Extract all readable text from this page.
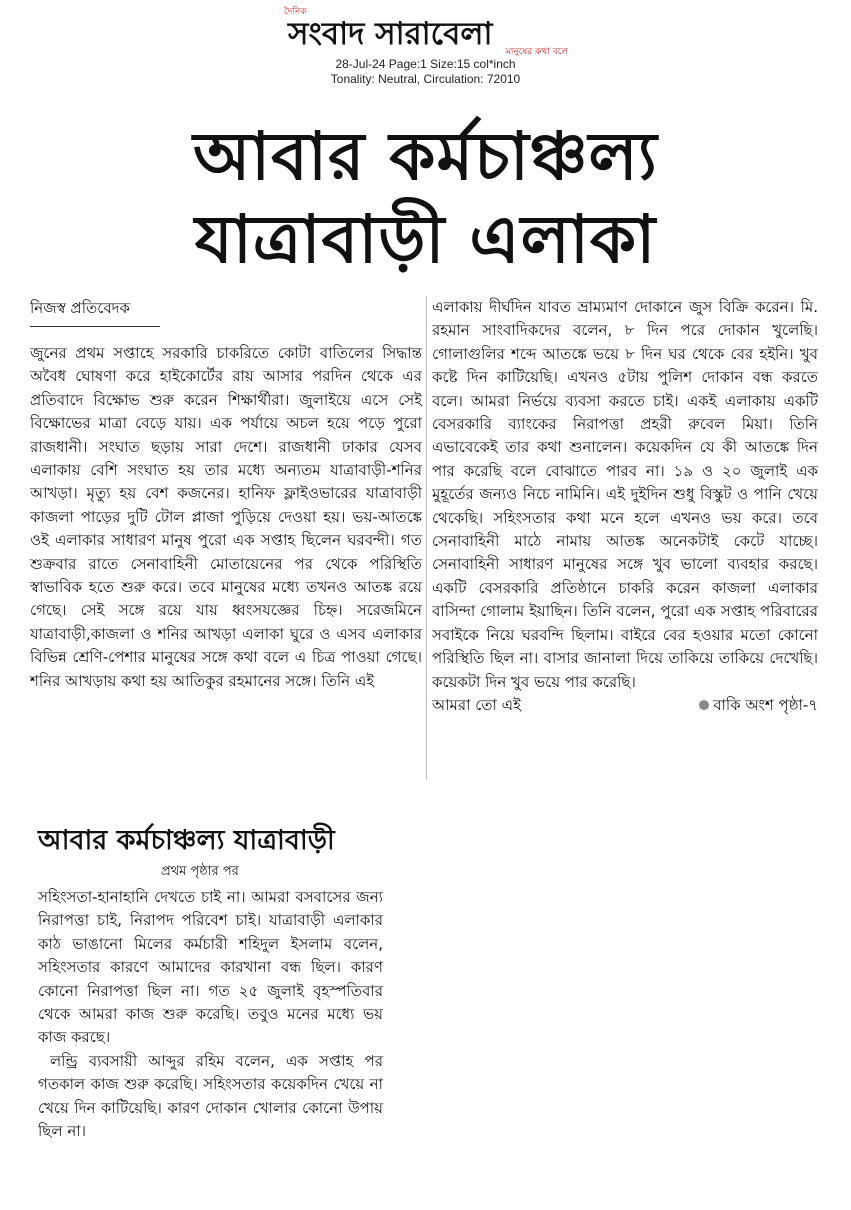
দৈনিক
সংবাদ সারাবেলা মানুষের কথা বলে
28-Jul-24 Page:1 Size:15 col*inch
Tonality: Neutral, Circulation: 72010
আবার কর্মচাঞ্চল্য
যাত্রাবাড়ী এলাকা
নিজস্ব প্রতিবেদক

জুনের প্রথম সপ্তাহে সরকারি চাকরিতে কোটা বাতিলের সিদ্ধান্ত অবৈধ ঘোষণা করে হাইকোর্টের রায় আসার পরদিন থেকে এর প্রতিবাদে বিক্ষোভ শুরু করেন শিক্ষার্থীরা। জুলাইয়ে এসে সেই বিক্ষোভের মাত্রা বেড়ে যায়। এক পর্যায়ে অচল হয়ে পড়ে পুরো রাজধানী। সংঘাত ছড়ায় সারা দেশে। রাজধানী ঢাকার যেসব এলাকায় বেশি সংঘাত হয় তার মধ্যে অন্যতম যাত্রাবাড়ী-শনির আখড়া। মৃত্যু হয় বেশ কজনের। হানিফ ফ্লাইওভারের যাত্রাবাড়ী কাজলা পাড়ের দুটি টোল প্লাজা পুড়িয়ে দেওয়া হয়। ভয়-আতঙ্কে ওই এলাকার সাধারণ মানুষ পুরো এক সপ্তাহ ছিলেন ঘরবন্দী। গত শুক্রবার রাতে সেনাবাহিনী মোতায়েনের পর থেকে পরিস্থিতি স্বাভাবিক হতে শুরু করে। তবে মানুষের মধ্যে তখনও আতঙ্ক রয়ে গেছে। সেই সঙ্গে রয়ে যায় ধ্বংসযজ্ঞের চিহ্ন। সরেজমিনে যাত্রাবাড়ী,কাজলা ও শনির আখড়া এলাকা ঘুরে ও এসব এলাকার বিভিন্ন শ্রেণি-পেশার মানুষের সঙ্গে কথা বলে এ চিত্র পাওয়া গেছে। শনির আখড়ায় কথা হয় আতিকুর রহমানের সঙ্গে। তিনি এই

এলাকায় দীর্ঘদিন যাবত ভ্রাম্যমাণ দোকানে জুস বিক্রি করেন। মি. রহমান সাংবাদিকদের বলেন, ৮ দিন পরে দোকান খুলেছি। গোলাগুলির শব্দে আতঙ্কে ভয়ে ৮ দিন ঘর থেকে বের হইনি। খুব কষ্টে দিন কাটিয়েছি। এখনও ৫টায় পুলিশ দোকান বন্ধ করতে বলে। আমরা নির্ভয়ে ব্যবসা করতে চাই। একই এলাকায় একটি বেসরকারি ব্যাংকের নিরাপত্তা প্রহরী রুবেল মিয়া। তিনি এভাবেকেই তার কথা শুনালেন। কয়েকদিন যে কী আতঙ্কে দিন পার করেছি বলে বোঝাতে পারব না। ১৯ ও ২০ জুলাই এক মুহূর্তের জন্যও নিচে নামিনি। এই দুইদিন শুধু বিস্কুট ও পানি খেয়ে থেকেছি। সহিংসতার কথা মনে হলে এখনও ভয় করে। তবে সেনাবাহিনী মাঠে নামায় আতঙ্ক অনেকটাই কেটে যাচ্ছে। সেনাবাহিনী সাধারণ মানুষের সঙ্গে খুব ভালো ব্যবহার করছে। একটি বেসরকারি প্রতিষ্ঠানে চাকরি করেন কাজলা এলাকার বাসিন্দা গোলাম ইয়াছিন। তিনি বলেন, পুরো এক সপ্তাহ পরিবারের সবাইকে নিয়ে ঘরবন্দি ছিলাম। বাইরে বের হওয়ার মতো কোনো পরিস্থিতি ছিল না। বাসার জানালা দিয়ে তাকিয়ে তাকিয়ে দেখেছি। কয়েকটা দিন খুব ভয়ে পার করেছি।

আমরা তো এই	বাকি অংশ পৃষ্ঠা-৭
আবার কর্মচাঞ্চল্য যাত্রাবাড়ী
প্রথম পৃষ্ঠার পর

সহিংসতা-হানাহানি দেখতে চাই না। আমরা বসবাসের জন্য নিরাপত্তা চাই, নিরাপদ পরিবেশ চাই। যাত্রাবাড়ী এলাকার কাঠ ভাঙানো মিলের কর্মচারী শহিদুল ইসলাম বলেন, সহিংসতার কারণে আমাদের কারখানা বন্ধ ছিল। কারণ কোনো নিরাপত্তা ছিল না। গত ২৫ জুলাই বৃহস্পতিবার থেকে আমরা কাজ শুরু করেছি। তবুও মনের মধ্যে ভয় কাজ করছে।

লন্ড্রি ব্যবসায়ী আব্দুর রহিম বলেন, এক সপ্তাহ পর গতকাল কাজ শুরু করেছি। সহিংসতার কয়েকদিন খেয়ে না খেয়ে দিন কাটিয়েছি। কারণ দোকান খোলার কোনো উপায় ছিল না।
